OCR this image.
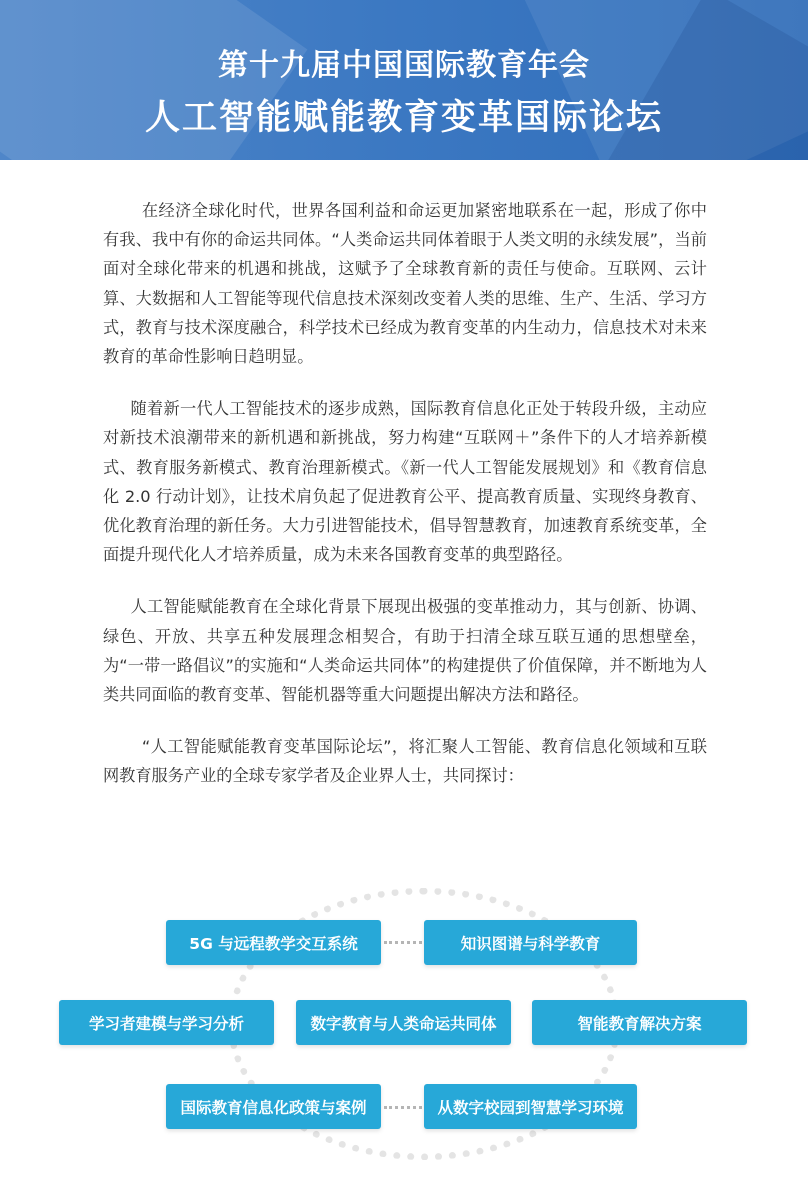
第十九届中国国际教育年会
人工智能赋能教育变革国际论坛

在经济全球化时代，世界各国利益和命运更加紧密地联系在一起，形成了你中有我、我中有你的命运共同体。“人类命运共同体着眼于人类文明的永续发展”，当前面对全球化带来的机遇和挑战，这赋予了全球教育新的责任与使命。互联网、云计算、大数据和人工智能等现代信息技术深刻改变着人类的思维、生产、生活、学习方式，教育与技术深度融合，科学技术已经成为教育变革的内生动力，信息技术对未来教育的革命性影响日趋明显。

随着新一代人工智能技术的逐步成熟，国际教育信息化正处于转段升级，主动应对新技术浪潮带来的新机遇和新挑战，努力构建“互联网＋”条件下的人才培养新模式、教育服务新模式、教育治理新模式。《新一代人工智能发展规划》和《教育信息化 2.0 行动计划》，让技术肩负起了促进教育公平、提高教育质量、实现终身教育、优化教育治理的新任务。大力引进智能技术，倡导智慧教育，加速教育系统变革，全面提升现代化人才培养质量，成为未来各国教育变革的典型路径。

人工智能赋能教育在全球化背景下展现出极强的变革推动力，其与创新、协调、绿色、开放、共享五种发展理念相契合，有助于扫清全球互联互通的思想壁垒，为“一带一路倡议”的实施和“人类命运共同体”的构建提供了价值保障，并不断地为人类共同面临的教育变革、智能机器等重大问题提出解决方法和路径。

“人工智能赋能教育变革国际论坛”，将汇聚人工智能、教育信息化领域和互联网教育服务产业的全球专家学者及企业界人士，共同探讨：

5G 与远程教学交互系统	知识图谱与科学教育
学习者建模与学习分析	数字教育与人类命运共同体	智能教育解决方案
国际教育信息化政策与案例	从数字校园到智慧学习环境
